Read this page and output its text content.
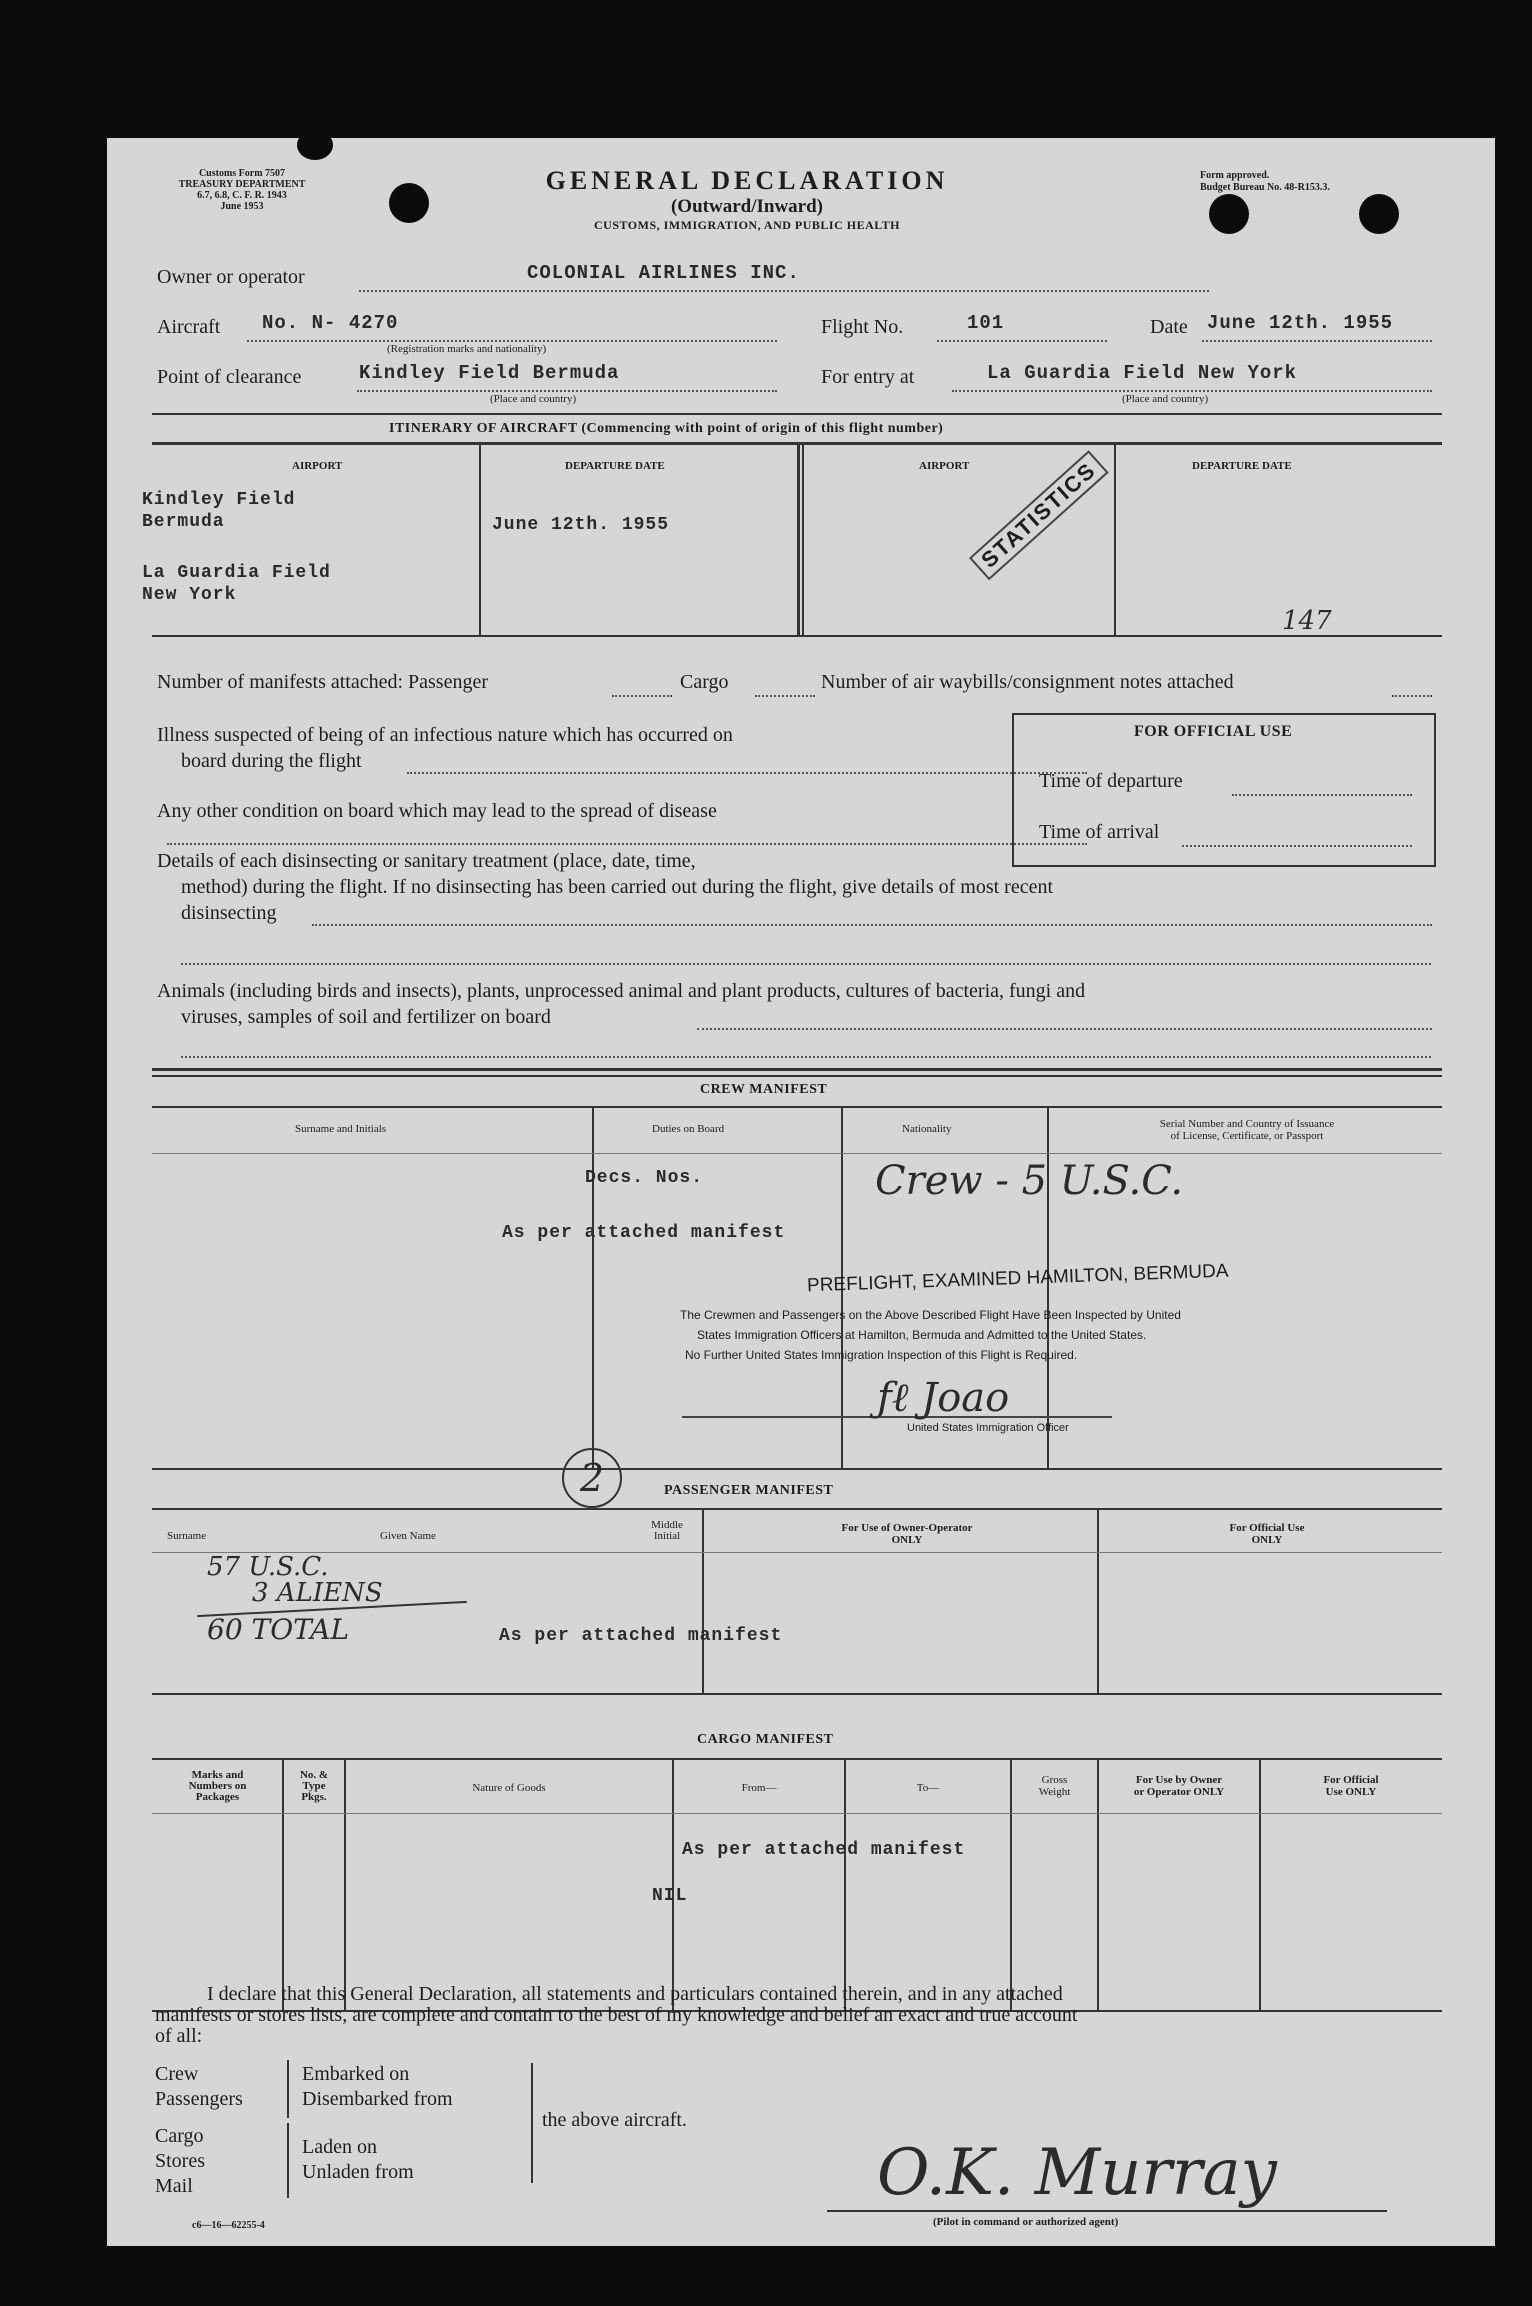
Customs Form 7507
TREASURY DEPARTMENT
6.7, 6.8, C. F. R. 1943
June 1953
Form approved.
Budget Bureau No. 48-R153.3.
GENERAL DECLARATION
(Outward/Inward)
CUSTOMS, IMMIGRATION, AND PUBLIC HEALTH
Owner or operator	COLONIAL AIRLINES INC.
Aircraft No. N- 4270
(Registration marks and nationality)
Flight No.	101	Date June 12th. 1955
Point of clearance	Kindley Field Bermuda
(Place and country)
For entry at	La Guardia Field New York
(Place and country)
ITINERARY OF AIRCRAFT (Commencing with point of origin of this flight number)
AIRPORT	DEPARTURE DATE	AIRPORT	DEPARTURE DATE
Kindley Field
Bermuda	June 12th. 1955
La Guardia Field
New York
STATISTICS
147
Number of manifests attached: Passenger	Cargo	Number of air waybills/consignment notes attached
Illness suspected of being of an infectious nature which has occurred on
board during the flight
Any other condition on board which may lead to the spread of disease
Details of each disinsecting or sanitary treatment (place, date, time,
method) during the flight. If no disinsecting has been carried out during the flight, give details of most recent
disinsecting
Animals (including birds and insects), plants, unprocessed animal and plant products, cultures of bacteria, fungi and
viruses, samples of soil and fertilizer on board
FOR OFFICIAL USE
Time of departure
Time of arrival
CREW MANIFEST
Surname and Initials	Duties on Board	Nationality	Serial Number and Country of Issuance
of License, Certificate, or Passport
Decs. Nos.
As per attached manifest
Crew - 5 U.S.C.
PREFLIGHT, EXAMINED HAMILTON, BERMUDA
The Crewmen and Passengers on the Above Described Flight Have Been Inspected by United
States Immigration Officers at Hamilton, Bermuda and Admitted to the United States.
No Further United States Immigration Inspection of this Flight is Required.
ƒℓ Joao
United States Immigration Officer
2	PASSENGER MANIFEST
Surname	Given Name
Middle
Initial
For Use of Owner-Operator
ONLY
For Official Use
ONLY
57 U.S.C.
3 ALIENS
60 TOTAL	As per attached manifest
CARGO MANIFEST
Marks and
Numbers on
Packages
No. &
Type
Pkgs.
Nature of Goods	From—	To—
Gross
Weight
For Use by Owner
or Operator ONLY
For Official
Use ONLY
As per attached manifest
NIL
I declare that this General Declaration, all statements and particulars contained therein, and in any attached
manifests or stores lists, are complete and contain to the best of my knowledge and belief an exact and true account
of all:
Crew
Passengers
Embarked on
Disembarked from
Cargo
Stores
Mail
Laden on
Unladen from
the above aircraft.
O.K. Murray
(Pilot in command or authorized agent)
c6—16—62255-4
